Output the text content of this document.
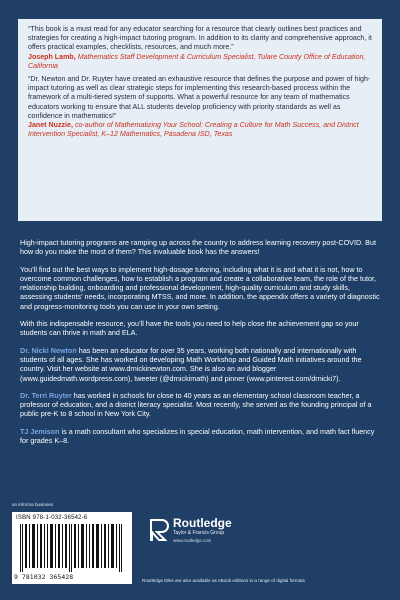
“This book is a must read for any educator searching for a resource that clearly outlines best practices and strategies for creating a high-impact tutoring program. In addition to its clarity and comprehensive approach, it offers practical examples, checklists, resources, and much more.”
Joseph Lamb, Mathematics Staff Development & Curriculum Specialist, Tulare County Office of Education, California

“Dr. Newton and Dr. Ruyter have created an exhaustive resource that defines the purpose and power of high-impact tutoring as well as clear strategic steps for implementing this research-based process within the framework of a multi-tiered system of supports. What a powerful resource for any team of mathematics educators working to ensure that ALL students develop proficiency with priority standards as well as confidence in mathematics!”
Janet Nuzzie, co-author of Mathematizing Your School: Creating a Culture for Math Success, and District Intervention Specialist, K–12 Mathematics, Pasadena ISD, Texas

High-impact tutoring programs are ramping up across the country to address learning recovery post-COVID. But how do you make the most of them? This invaluable book has the answers!

You’ll find out the best ways to implement high-dosage tutoring, including what it is and what it is not, how to overcome common challenges, how to establish a program and create a collaborative team, the role of the tutor, relationship building, onboarding and professional development, high-quality curriculum and study skills, assessing students’ needs, incorporating MTSS, and more. In addition, the appendix offers a variety of diagnostic and progress-monitoring tools you can use in your own setting.

With this indispensable resource, you’ll have the tools you need to help close the achievement gap so your students can thrive in math and ELA.

Dr. Nicki Newton has been an educator for over 35 years, working both nationally and internationally with students of all ages. She has worked on developing Math Workshop and Guided Math initiatives around the country. Visit her website at www.drnickinewton.com. She is also an avid blogger (www.guidedmath.wordpress.com), tweeter (@drnickimath) and pinner (www.pinterest.com/drnicki7).

Dr. Terri Ruyter has worked in schools for close to 40 years as an elementary school classroom teacher, a professor of education, and a district literacy specialist. Most recently, she served as the founding principal of a public pre-K to 8 school in New York City.

TJ Jemison is a math consultant who specializes in special education, math intervention, and math fact fluency for grades K–8.

an informa business
ISBN 978-1-032-36542-6
9 781032 365428
Routledge
Taylor & Francis Group
www.routledge.com
Routledge titles are also available as eBook editions in a range of digital formats
